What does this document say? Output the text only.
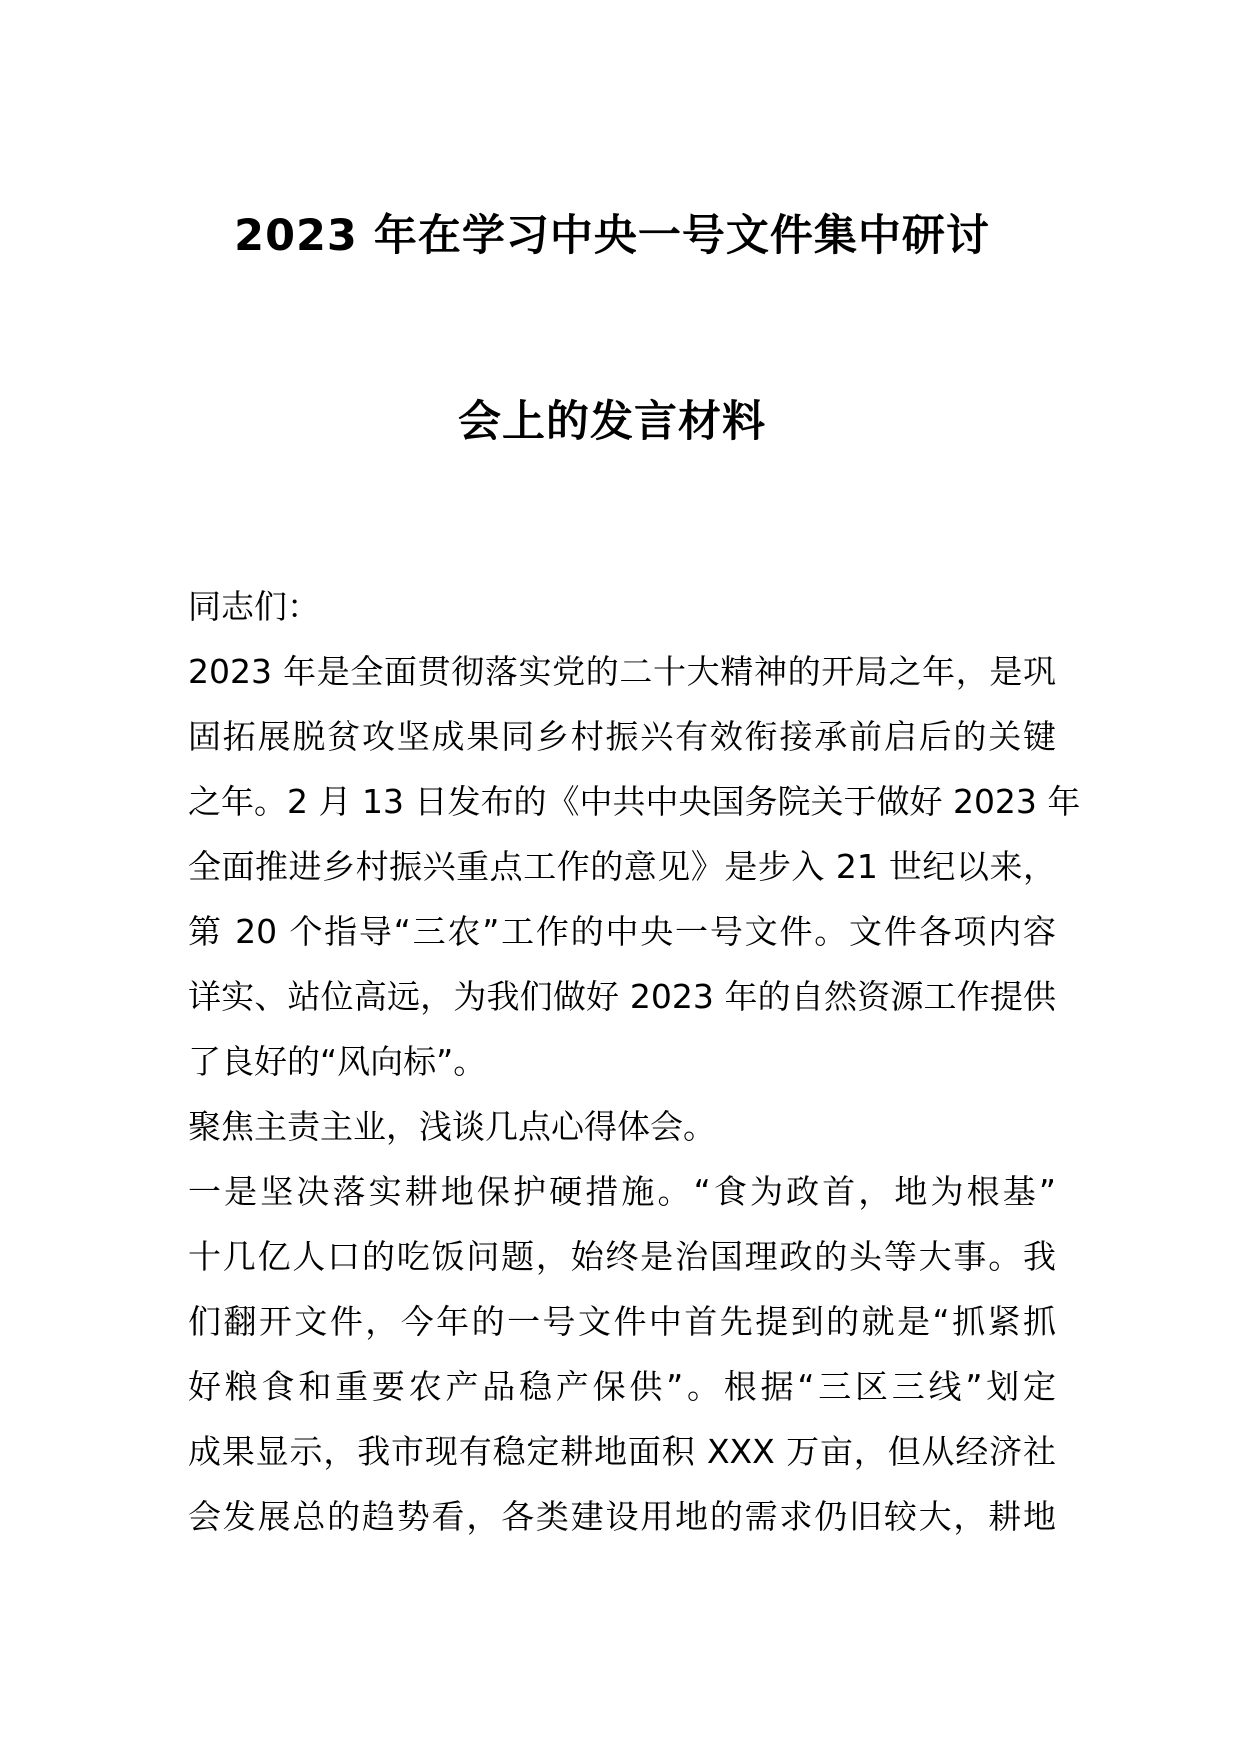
2023 年在学习中央一号文件集中研讨
会上的发言材料
同志们：
2023 年是全面贯彻落实党的二十大精神的开局之年，是巩
固拓展脱贫攻坚成果同乡村振兴有效衔接承前启后的关键
之年。2 月 13 日发布的《中共中央国务院关于做好 2023 年
全面推进乡村振兴重点工作的意见》是步入 21 世纪以来，
第 20 个指导“三农”工作的中央一号文件。文件各项内容
详实、站位高远，为我们做好 2023 年的自然资源工作提供
了良好的“风向标”。
聚焦主责主业，浅谈几点心得体会。
一是坚决落实耕地保护硬措施。“食为政首，地为根基”
十几亿人口的吃饭问题，始终是治国理政的头等大事。我
们翻开文件，今年的一号文件中首先提到的就是“抓紧抓
好粮食和重要农产品稳产保供”。根据“三区三线”划定
成果显示，我市现有稳定耕地面积 XXX 万亩，但从经济社
会发展总的趋势看，各类建设用地的需求仍旧较大，耕地
